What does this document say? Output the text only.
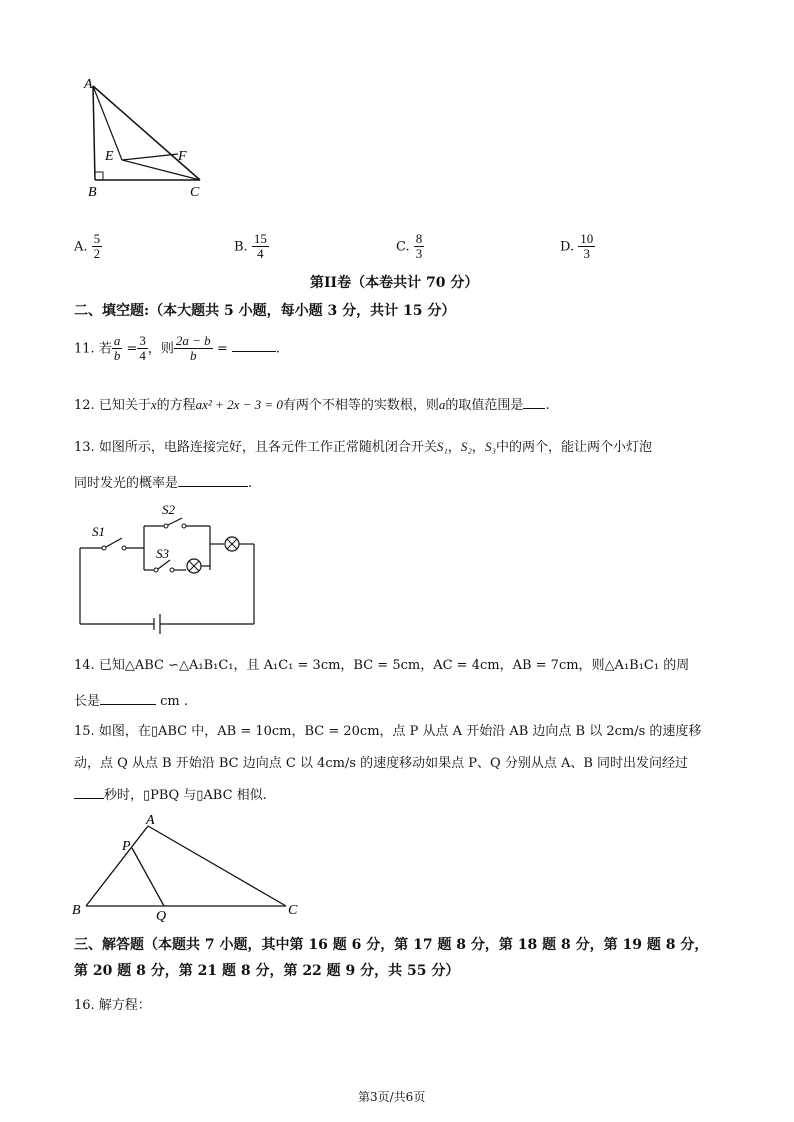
A
E	F
B	C
A. $\frac{5}{2}$	B. $\frac{15}{4}$	C. $\frac{8}{3}$	D. $\frac{10}{3}$
第II卷（本卷共计 70 分）
二、填空题:（本大题共 5 小题，每小题 3 分，共计 15 分）
11. 若 $\frac{a}{b} = \frac{3}{4}$ ，则 $\frac{2a - b}{b}$ =	.
12. 已知关于x的方程ax² + 2x − 3 = 0有两个不相等的实数根，则a的取值范围是 .
13. 如图所示，电路连接完好，且各元件工作正常随机闭合开关S₁，S₂，S₃中的两个，能让两个小灯泡
同时发光的概率是	.
S1
S2
S3
14. 已知△ABC ∽△A₁B₁C₁，且 A₁C₁ = 3cm，BC = 5cm，AC = 4cm，AB = 7cm，则△A₁B₁C₁ 的周
长是	cm .
15. 如图，在▯ABC 中，AB = 10cm，BC = 20cm，点 P 从点 A 开始沿 AB 边向点 B 以 2cm/s 的速度移
动，点 Q 从点 B 开始沿 BC 边向点 C 以 4cm/s 的速度移动如果点 P、Q 分别从点 A、B 同时出发问经过
秒时，▯PBQ 与▯ABC 相似.
A
P
B	Q	C
三、解答题（本题共 7 小题，其中第 16 题 6 分，第 17 题 8 分，第 18 题 8 分，第 19 题 8 分，
第 20 题 8 分，第 21 题 8 分，第 22 题 9 分，共 55 分）
16. 解方程：
第3页/共6页
